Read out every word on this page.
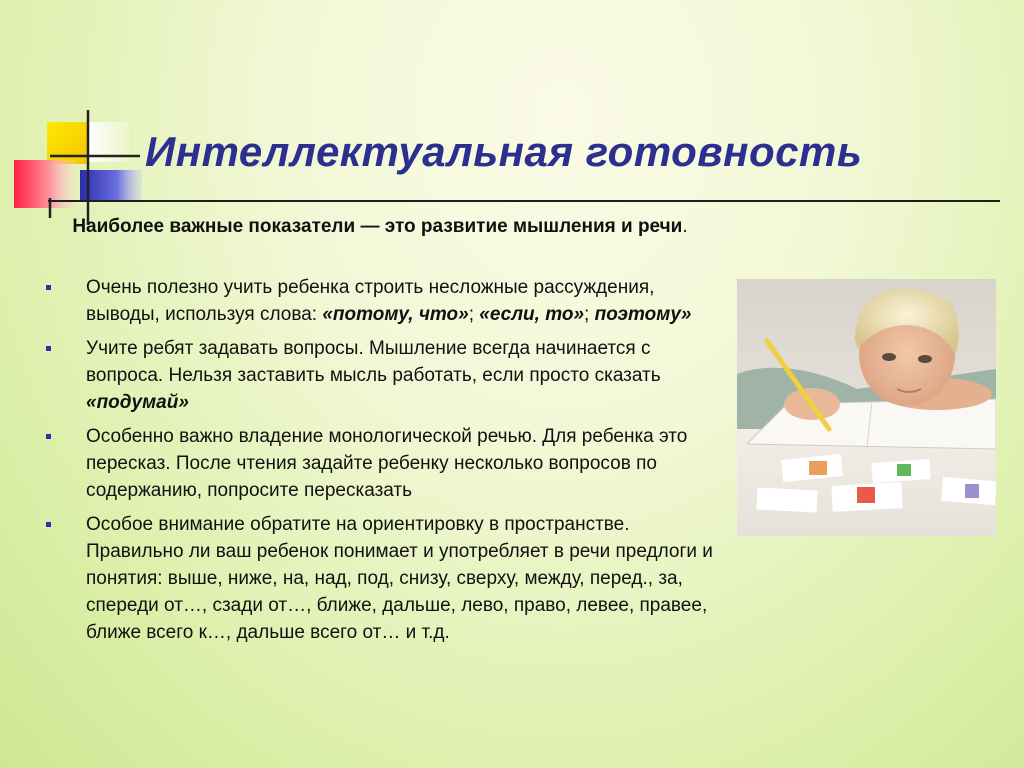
Интеллектуальная готовность
Наиболее важные показатели — это развитие мышления и речи.
Очень полезно учить ребенка строить несложные рассуждения, выводы, используя слова: «потому, что»; «если, то»; поэтому»
Учите ребят задавать вопросы. Мышление всегда начинается с вопроса. Нельзя заставить мысль работать, если просто сказать «подумай»
Особенно важно владение монологической речью. Для ребенка это пересказ. После чтения задайте ребенку несколько вопросов по содержанию, попросите пересказать
Особое внимание обратите на ориентировку в пространстве. Правильно ли ваш ребенок понимает и употребляет в речи предлоги и понятия: выше, ниже, на, над, под, снизу, сверху, между, перед., за, спереди от…, сзади от…, ближе, дальше, лево, право, левее, правее, ближе всего к…, дальше всего от… и т.д.
